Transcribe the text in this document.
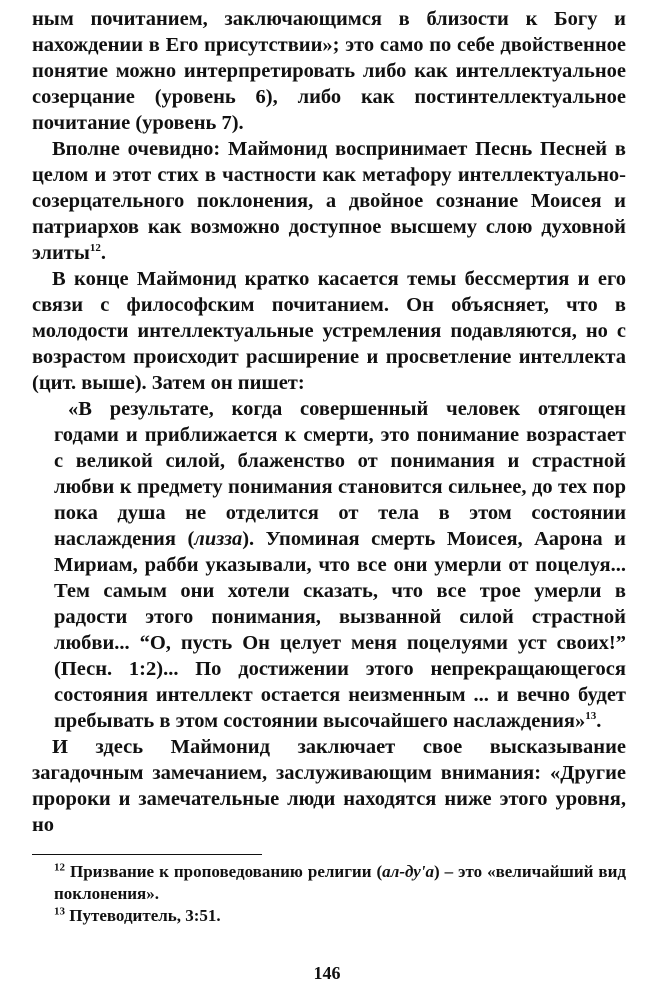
ным почитанием, заключающимся в близости к Богу и нахождении в Его присутствии»; это само по себе двойственное понятие можно интерпретировать либо как интеллектуальное созерцание (уровень 6), либо как постинтеллектуальное почитание (уровень 7).

Вполне очевидно: Маймонид воспринимает Песнь Песней в целом и этот стих в частности как метафору интеллектуально-созерцательного поклонения, а двойное сознание Моисея и патриархов как возможно доступное высшему слою духовной элиты$^{12}$.

В конце Маймонид кратко касается темы бессмертия и его связи с философским почитанием. Он объясняет, что в молодости интеллектуальные устремления подавляются, но с возрастом происходит расширение и просветление интеллекта (цит. выше). Затем он пишет:

«В результате, когда совершенный человек отягощен годами и приближается к смерти, это понимание возрастает с великой силой, блаженство от понимания и страстной любви к предмету понимания становится сильнее, до тех пор пока душа не отделится от тела в этом состоянии наслаждения (лизза). Упоминая смерть Моисея, Аарона и Мириам, рабби указывали, что все они умерли от поцелуя... Тем самым они хотели сказать, что все трое умерли в радости этого понимания, вызванной силой страстной любви... “О, пусть Он целует меня поцелуями уст своих!” (Песн. 1:2)... По достижении этого непрекращающегося состояния интеллект остается неизменным ... и вечно будет пребывать в этом состоянии высочайшего наслаждения»$^{13}$.

И здесь Маймонид заключает свое высказывание загадочным замечанием, заслуживающим внимания: «Другие пророки и замечательные люди находятся ниже этого уровня, но

$^{12}$ Призвание к проповедованию религии (ал-ду'а) – это «величайший вид поклонения».

$^{13}$ Путеводитель, 3:51.

146
